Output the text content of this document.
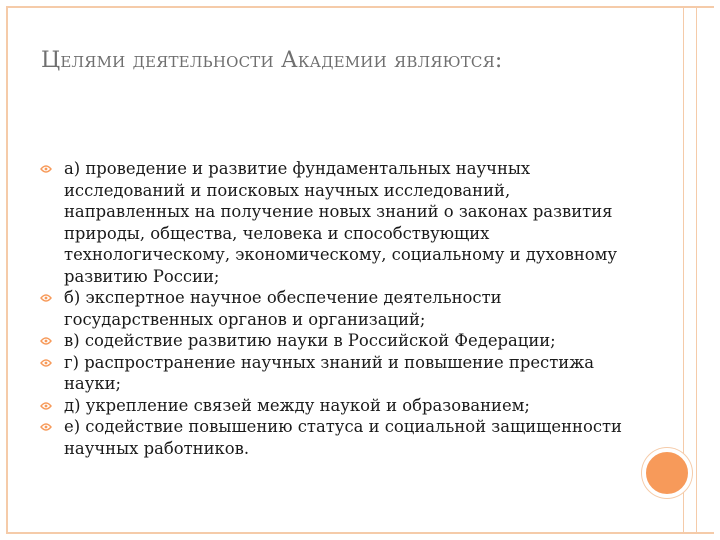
Целями деятельности Академии являются:
а) проведение и развитие фундаментальных научных исследований и поисковых научных исследований, направленных на получение новых знаний о законах развития природы, общества, человека и способствующих технологическому, экономическому, социальному и духовному развитию России;
б) экспертное научное обеспечение деятельности государственных органов и организаций;
в) содействие развитию науки в Российской Федерации;
г) распространение научных знаний и повышение престижа науки;
д) укрепление связей между наукой и образованием;
е) содействие повышению статуса и социальной защищенности научных работников.
